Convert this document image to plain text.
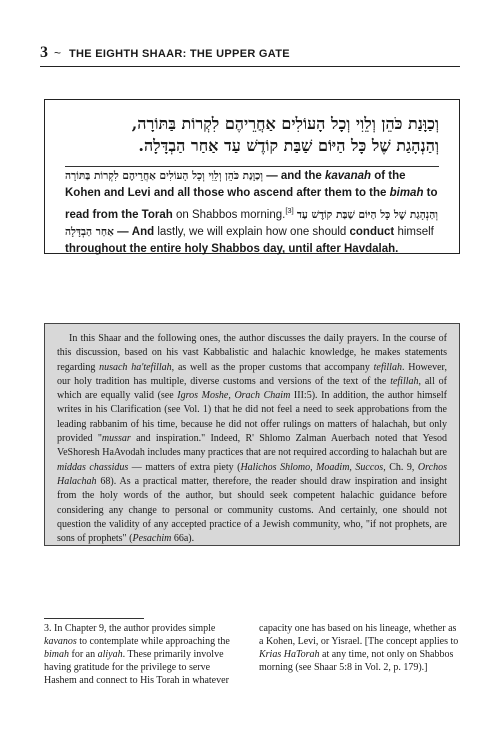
3 ~ THE EIGHTH SHAAR: THE UPPER GATE
וְכַוָּנַת כֹּהֵן וְלֵוִי וְכָל הָעוֹלִים אַחֲרֵיהֶם לִקְרוֹת בַּתּוֹרָה,
וְהַנְהָגַת שֶׁל כָּל הַיּוֹם שַׁבַּת קוֹדֶשׁ עַד אַחַר הַבְדָּלָה.
וְכַוָּנַת כֹּהֵן וְלֵוִי וְכָל הָעוֹלִים אַחֲרֵיהֶם לִקְרוֹת בַּתּוֹרָה — and the kavanah of the Kohen and Levi and all those who ascend after them to the bimah to read from the Torah on Shabbos morning.[3] וְהַנְהָגַת שֶׁל כָּל הַיּוֹם שַׁבַּת קוֹדֶשׁ עַד אַחַר הַבְדָּלָה — And lastly, we will explain how one should conduct himself throughout the entire holy Shabbos day, until after Havdalah.

In this Shaar and the following ones, the author discusses the daily prayers. In the course of this discussion, based on his vast Kabbalistic and halachic knowledge, he makes statements regarding nusach ha'tefillah, as well as the proper customs that accompany tefillah. However, our holy tradition has multiple, diverse customs and versions of the text of the tefillah, all of which are equally valid (see Igros Moshe, Orach Chaim III:5). In addition, the author himself writes in his Clarification (see Vol. 1) that he did not feel a need to seek approbations from the leading rabbanim of his time, because he did not offer rulings on matters of halachah, but only provided "mussar and inspiration." Indeed, R' Shlomo Zalman Auerbach noted that Yesod VeShoresh HaAvodah includes many practices that are not required according to halachah but are middas chassidus — matters of extra piety (Halichos Shlomo, Moadim, Succos, Ch. 9, Orchos Halachah 68). As a practical matter, therefore, the reader should draw inspiration and insight from the holy words of the author, but should seek competent halachic guidance before considering any change to personal or community customs. And certainly, one should not question the validity of any accepted practice of a Jewish community, who, "if not prophets, are sons of prophets" (Pesachim 66a).

3. In Chapter 9, the author provides simple kavanos to contemplate while approaching the bimah for an aliyah. These primarily involve having gratitude for the privilege to serve Hashem and connect to His Torah in whatever capacity one has based on his lineage, whether as a Kohen, Levi, or Yisrael. [The concept applies to Krias HaTorah at any time, not only on Shabbos morning (see Shaar 5:8 in Vol. 2, p. 179).]
